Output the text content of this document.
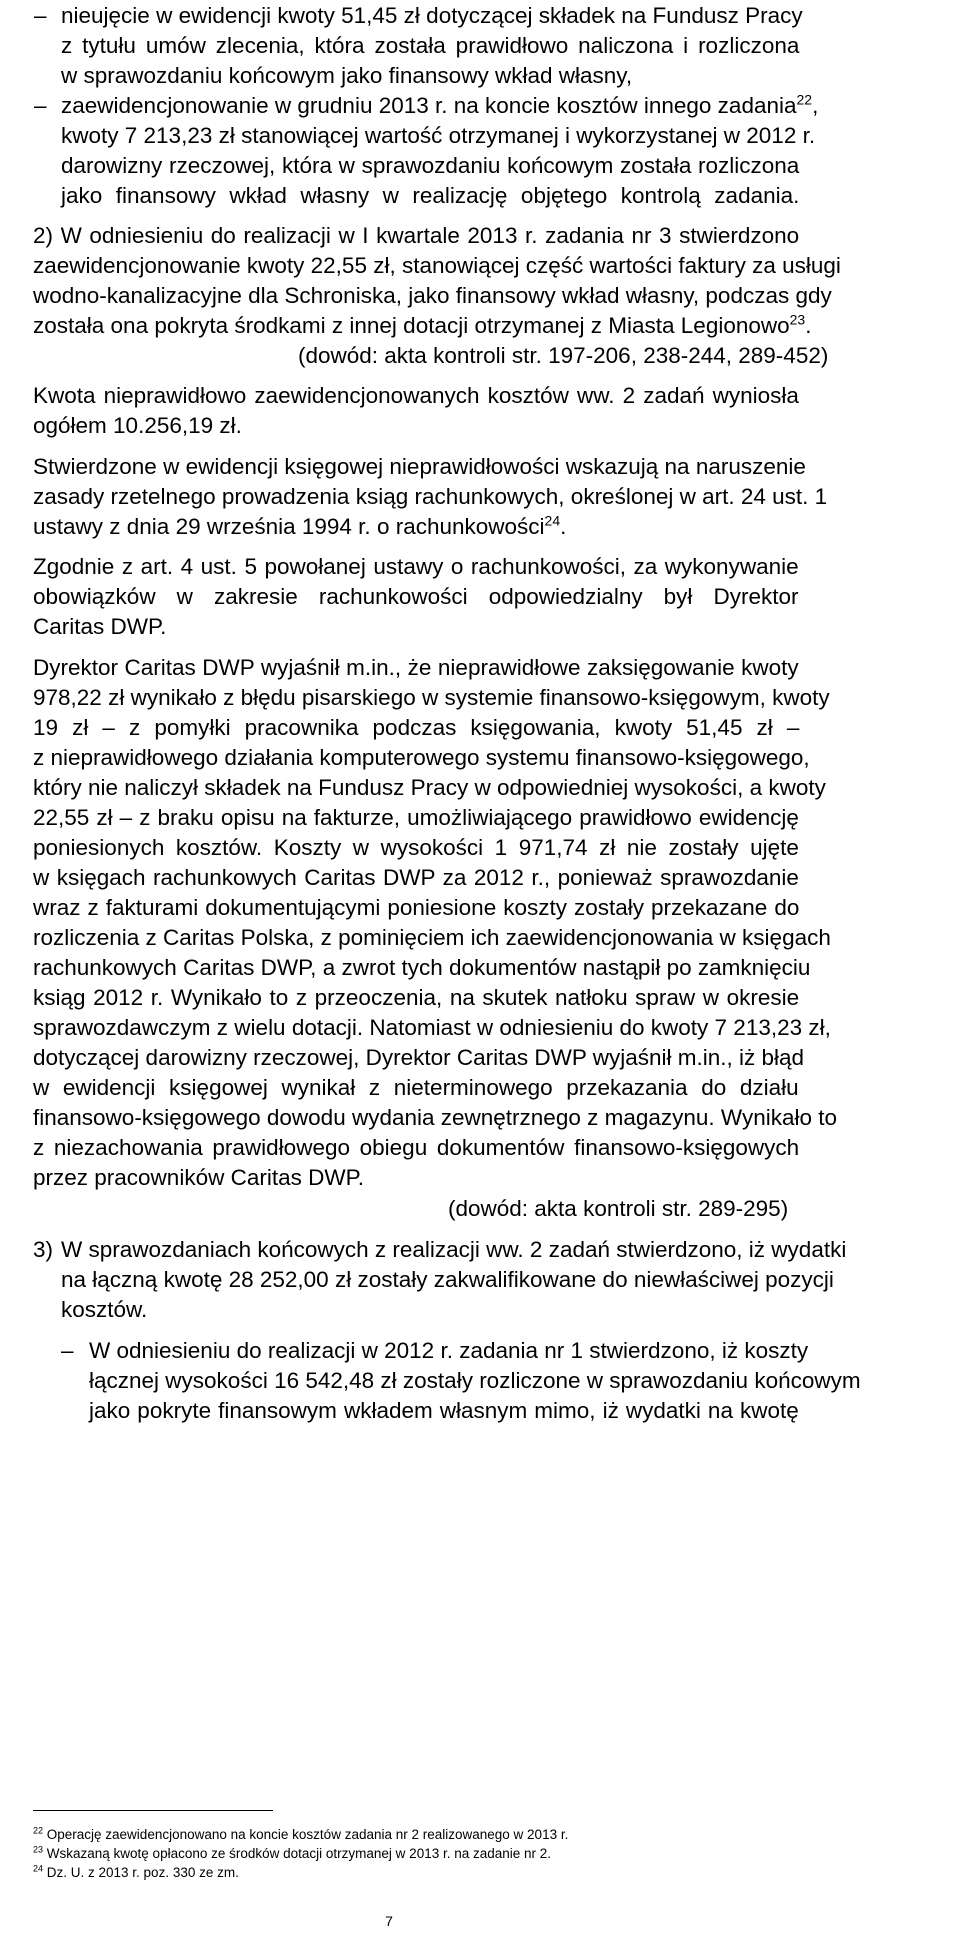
– nieujęcie w ewidencji kwoty 51,45 zł dotyczącej składek na Fundusz Pracy
z tytułu umów zlecenia, która została prawidłowo naliczona i rozliczona
w sprawozdaniu końcowym jako finansowy wkład własny,
– zaewidencjonowanie w grudniu 2013 r. na koncie kosztów innego zadania$^{22}$,
kwoty 7 213,23 zł stanowiącej wartość otrzymanej i wykorzystanej w 2012 r.
darowizny rzeczowej, która w sprawozdaniu końcowym została rozliczona
jako finansowy wkład własny w realizację objętego kontrolą zadania.
2) W odniesieniu do realizacji w I kwartale 2013 r. zadania nr 3 stwierdzono
zaewidencjonowanie kwoty 22,55 zł, stanowiącej część wartości faktury za usługi
wodno-kanalizacyjne dla Schroniska, jako finansowy wkład własny, podczas gdy
została ona pokryta środkami z innej dotacji otrzymanej z Miasta Legionowo$^{23}$.
(dowód: akta kontroli str. 197-206, 238-244, 289-452)
Kwota nieprawidłowo zaewidencjonowanych kosztów ww. 2 zadań wyniosła
ogółem 10.256,19 zł.
Stwierdzone w ewidencji księgowej nieprawidłowości wskazują na naruszenie
zasady rzetelnego prowadzenia ksiąg rachunkowych, określonej w art. 24 ust. 1
ustawy z dnia 29 września 1994 r. o rachunkowości$^{24}$.
Zgodnie z art. 4 ust. 5 powołanej ustawy o rachunkowości, za wykonywanie
obowiązków w zakresie rachunkowości odpowiedzialny był Dyrektor
Caritas DWP.
Dyrektor Caritas DWP wyjaśnił m.in., że nieprawidłowe zaksięgowanie kwoty
978,22 zł wynikało z błędu pisarskiego w systemie finansowo-księgowym, kwoty
19 zł – z pomyłki pracownika podczas księgowania, kwoty 51,45 zł –
z nieprawidłowego działania komputerowego systemu finansowo-księgowego,
który nie naliczył składek na Fundusz Pracy w odpowiedniej wysokości, a kwoty
22,55 zł – z braku opisu na fakturze, umożliwiającego prawidłowo ewidencję
poniesionych kosztów. Koszty w wysokości 1 971,74 zł nie zostały ujęte
w księgach rachunkowych Caritas DWP za 2012 r., ponieważ sprawozdanie
wraz z fakturami dokumentującymi poniesione koszty zostały przekazane do
rozliczenia z Caritas Polska, z pominięciem ich zaewidencjonowania w księgach
rachunkowych Caritas DWP, a zwrot tych dokumentów nastąpił po zamknięciu
ksiąg 2012 r. Wynikało to z przeoczenia, na skutek natłoku spraw w okresie
sprawozdawczym z wielu dotacji. Natomiast w odniesieniu do kwoty 7 213,23 zł,
dotyczącej darowizny rzeczowej, Dyrektor Caritas DWP wyjaśnił m.in., iż błąd
w ewidencji księgowej wynikał z nieterminowego przekazania do działu
finansowo-księgowego dowodu wydania zewnętrznego z magazynu. Wynikało to
z niezachowania prawidłowego obiegu dokumentów finansowo-księgowych
przez pracowników Caritas DWP.
(dowód: akta kontroli str. 289-295)
3) W sprawozdaniach końcowych z realizacji ww. 2 zadań stwierdzono, iż wydatki
na łączną kwotę 28 252,00 zł zostały zakwalifikowane do niewłaściwej pozycji
kosztów.
– W odniesieniu do realizacji w 2012 r. zadania nr 1 stwierdzono, iż koszty
łącznej wysokości 16 542,48 zł zostały rozliczone w sprawozdaniu końcowym
jako pokryte finansowym wkładem własnym mimo, iż wydatki na kwotę
$^{22}$ Operację zaewidencjonowano na koncie kosztów zadania nr 2 realizowanego w 2013 r.
$^{23}$ Wskazaną kwotę opłacono ze środków dotacji otrzymanej w 2013 r. na zadanie nr 2.
$^{24}$ Dz. U. z 2013 r. poz. 330 ze zm.
7
